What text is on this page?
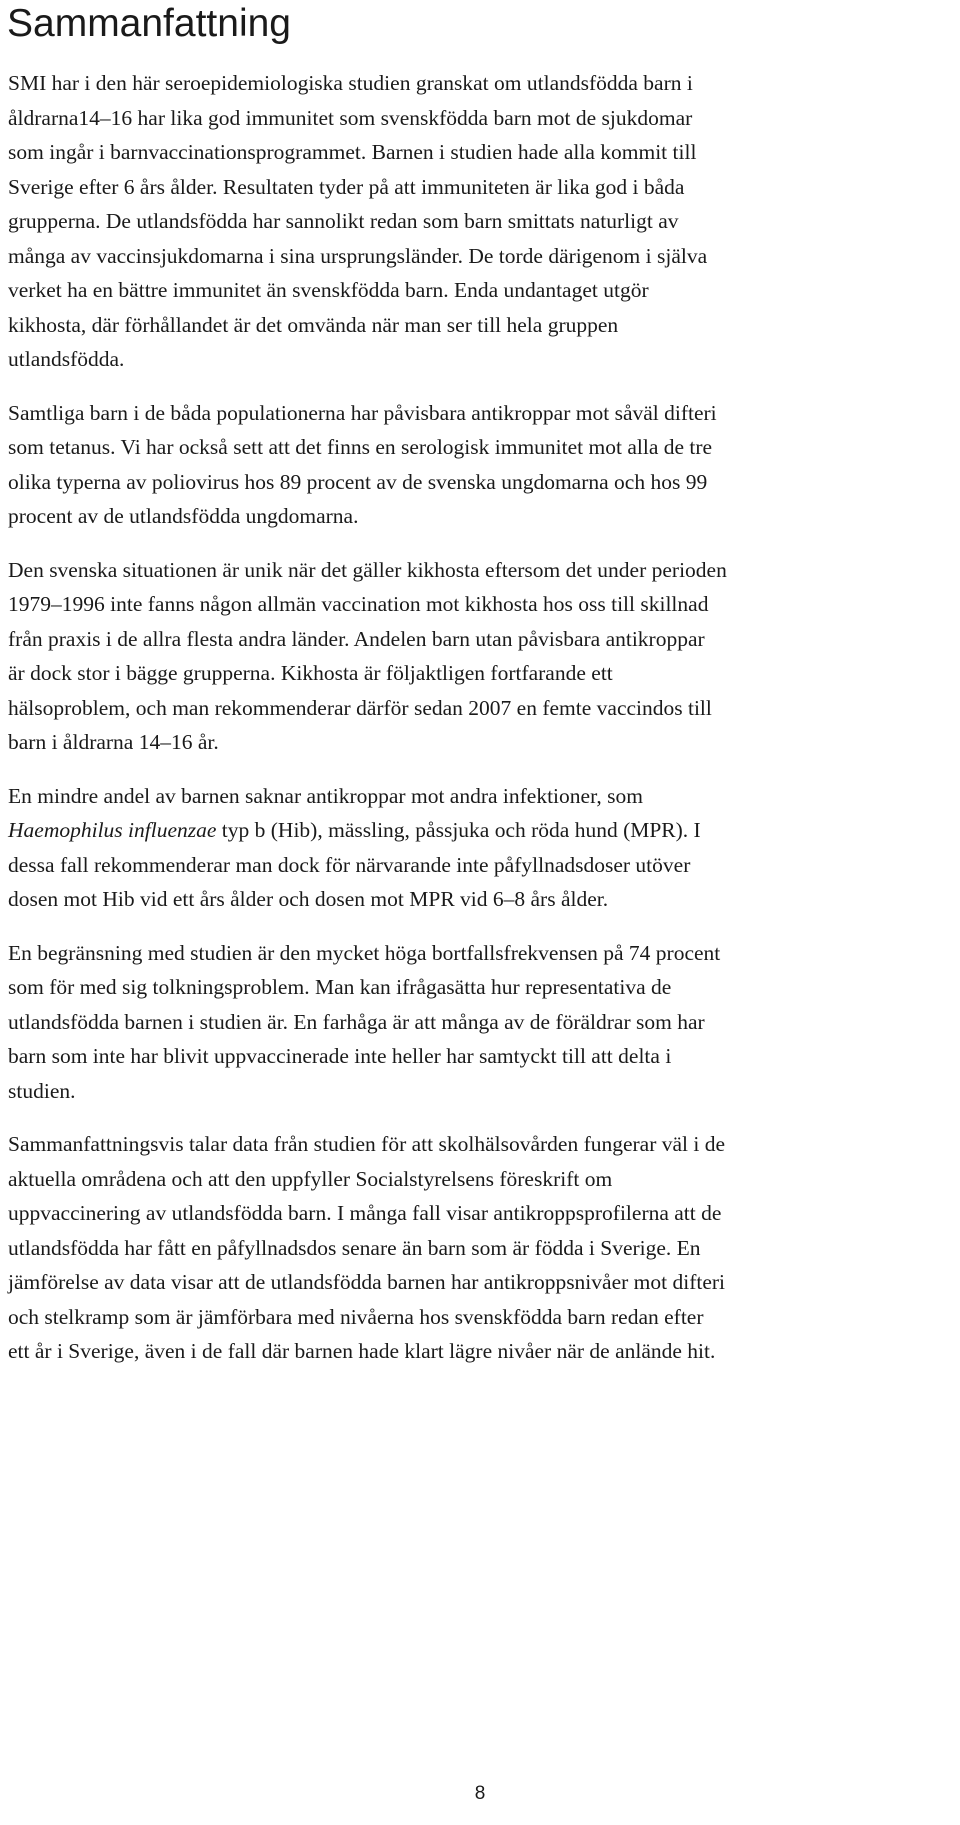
Sammanfattning

SMI har i den här seroepidemiologiska studien granskat om utlandsfödda barn i
åldrarna14–16 har lika god immunitet som svenskfödda barn mot de sjukdomar
som ingår i barnvaccinationsprogrammet. Barnen i studien hade alla kommit till
Sverige efter 6 års ålder. Resultaten tyder på att immuniteten är lika god i båda
grupperna. De utlandsfödda har sannolikt redan som barn smittats naturligt av
många av vaccinsjukdomarna i sina ursprungsländer. De torde därigenom i själva
verket ha en bättre immunitet än svenskfödda barn. Enda undantaget utgör
kikhosta, där förhållandet är det omvända när man ser till hela gruppen
utlandsfödda.

Samtliga barn i de båda populationerna har påvisbara antikroppar mot såväl difteri
som tetanus. Vi har också sett att det finns en serologisk immunitet mot alla de tre
olika typerna av poliovirus hos 89 procent av de svenska ungdomarna och hos 99
procent av de utlandsfödda ungdomarna.

Den svenska situationen är unik när det gäller kikhosta eftersom det under perioden
1979–1996 inte fanns någon allmän vaccination mot kikhosta hos oss till skillnad
från praxis i de allra flesta andra länder. Andelen barn utan påvisbara antikroppar
är dock stor i bägge grupperna. Kikhosta är följaktligen fortfarande ett
hälsoproblem, och man rekommenderar därför sedan 2007 en femte vaccindos till
barn i åldrarna 14–16 år.

En mindre andel av barnen saknar antikroppar mot andra infektioner, som
Haemophilus influenzae typ b (Hib), mässling, påssjuka och röda hund (MPR). I
dessa fall rekommenderar man dock för närvarande inte påfyllnadsdoser utöver
dosen mot Hib vid ett års ålder och dosen mot MPR vid 6–8 års ålder.

En begränsning med studien är den mycket höga bortfallsfrekvensen på 74 procent
som för med sig tolkningsproblem. Man kan ifrågasätta hur representativa de
utlandsfödda barnen i studien är. En farhåga är att många av de föräldrar som har
barn som inte har blivit uppvaccinerade inte heller har samtyckt till att delta i
studien.

Sammanfattningsvis talar data från studien för att skolhälsovården fungerar väl i de
aktuella områdena och att den uppfyller Socialstyrelsens föreskrift om
uppvaccinering av utlandsfödda barn. I många fall visar antikroppsprofilerna att de
utlandsfödda har fått en påfyllnadsdos senare än barn som är födda i Sverige. En
jämförelse av data visar att de utlandsfödda barnen har antikroppsnivåer mot difteri
och stelkramp som är jämförbara med nivåerna hos svenskfödda barn redan efter
ett år i Sverige, även i de fall där barnen hade klart lägre nivåer när de anlände hit.

8
